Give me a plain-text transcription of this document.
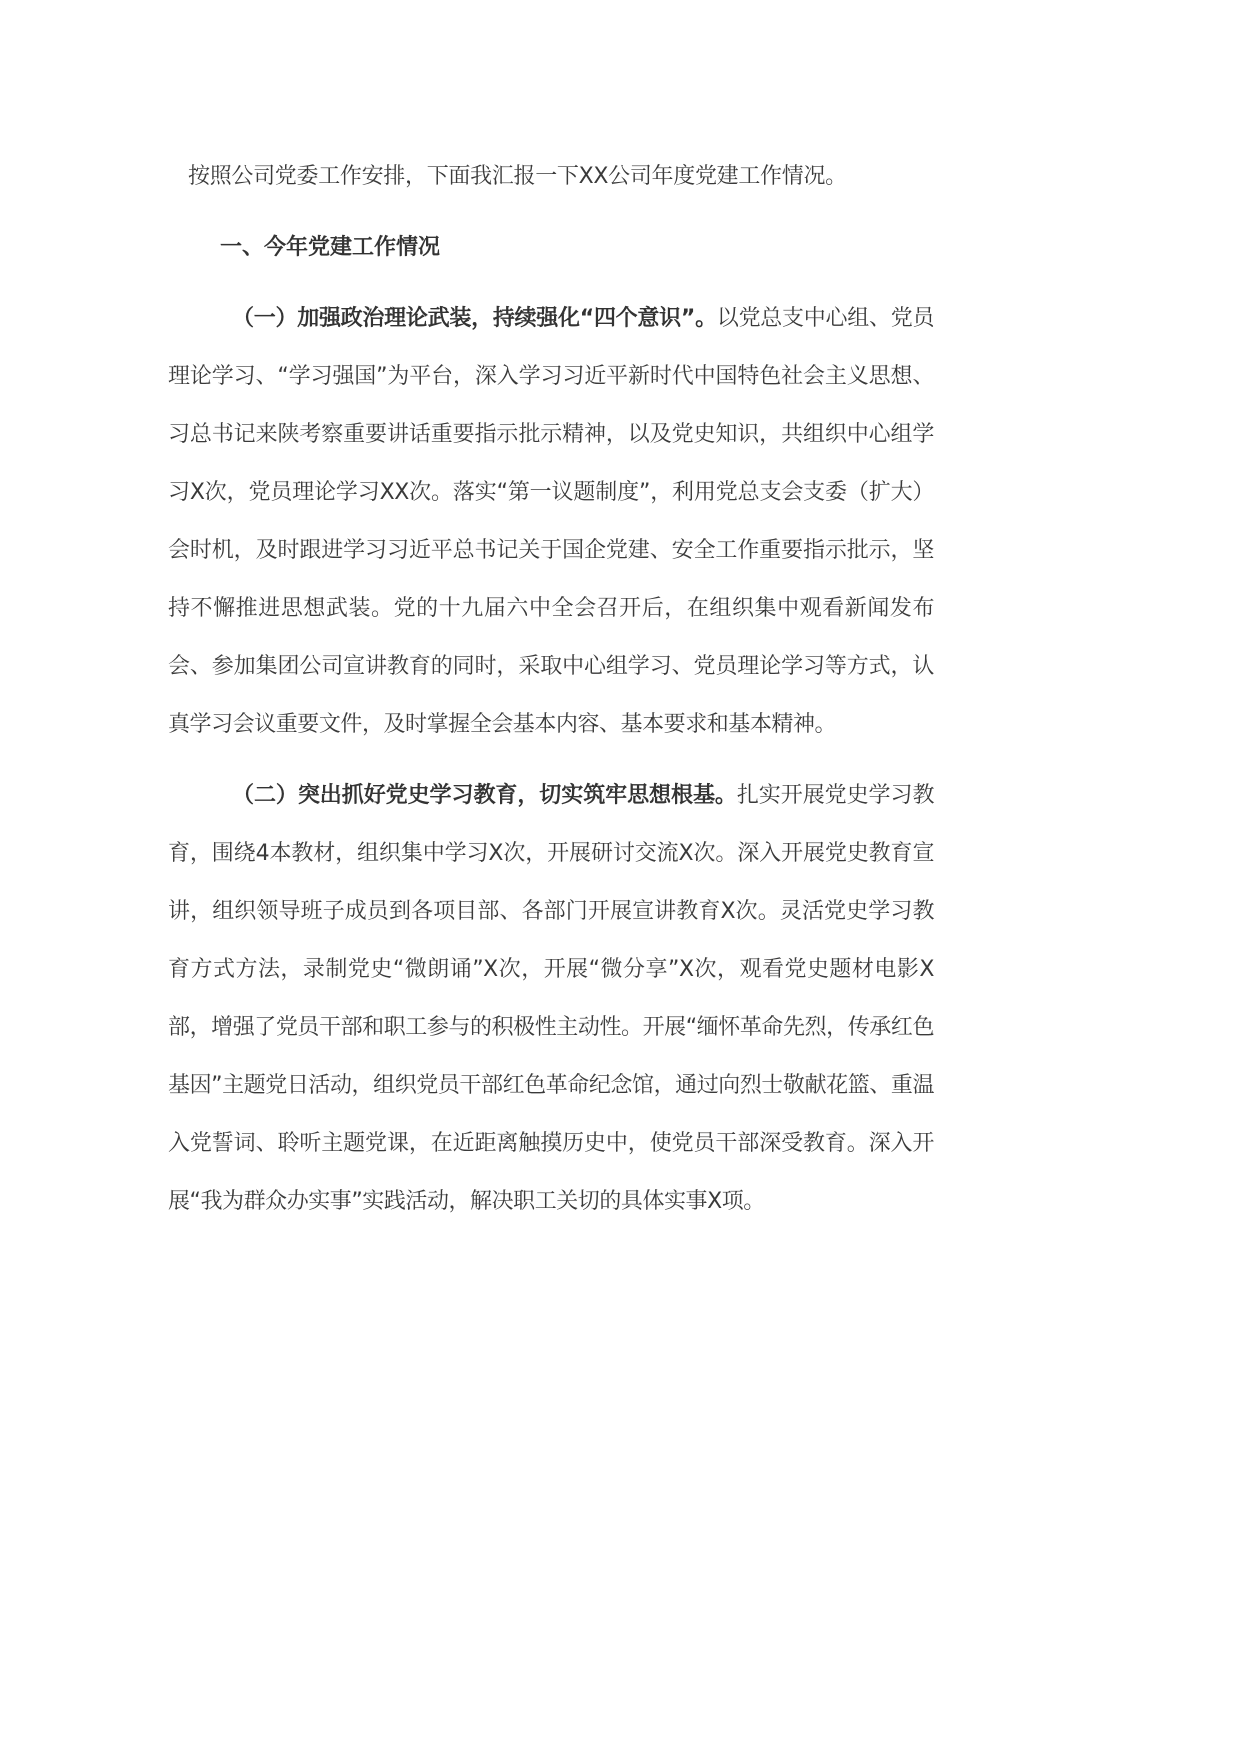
按照公司党委工作安排，下面我汇报一下XX公司年度党建工作情况。

一、今年党建工作情况

（一）加强政治理论武装，持续强化“四个意识”。以党总支中心组、党员理论学习、“学习强国”为平台，深入学习习近平新时代中国特色社会主义思想、习总书记来陕考察重要讲话重要指示批示精神，以及党史知识，共组织中心组学习X次，党员理论学习XX次。落实“第一议题制度”，利用党总支会支委（扩大）会时机，及时跟进学习习近平总书记关于国企党建、安全工作重要指示批示，坚持不懈推进思想武装。党的十九届六中全会召开后，在组织集中观看新闻发布会、参加集团公司宣讲教育的同时，采取中心组学习、党员理论学习等方式，认真学习会议重要文件，及时掌握全会基本内容、基本要求和基本精神。

（二）突出抓好党史学习教育，切实筑牢思想根基。扎实开展党史学习教育，围绕4本教材，组织集中学习X次，开展研讨交流X次。深入开展党史教育宣讲，组织领导班子成员到各项目部、各部门开展宣讲教育X次。灵活党史学习教育方式方法，录制党史“微朗诵”X次，开展“微分享”X次，观看党史题材电影X部，增强了党员干部和职工参与的积极性主动性。开展“缅怀革命先烈，传承红色基因”主题党日活动，组织党员干部红色革命纪念馆，通过向烈士敬献花篮、重温入党誓词、聆听主题党课，在近距离触摸历史中，使党员干部深受教育。深入开展“我为群众办实事”实践活动，解决职工关切的具体实事X项。
